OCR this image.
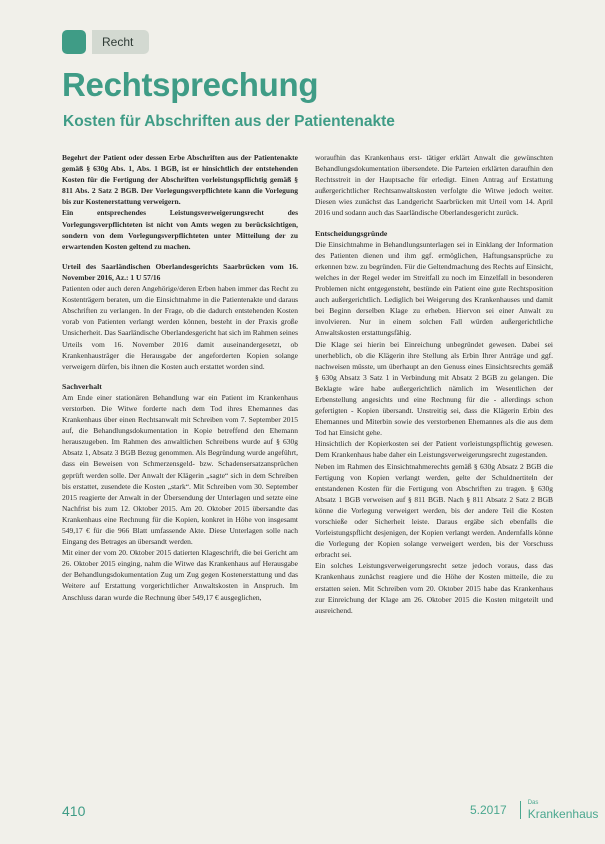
Recht
Rechtsprechung
Kosten für Abschriften aus der Patientenakte

Begehrt der Patient oder dessen Erbe Abschriften aus der Patientenakte gemäß § 630g Abs. 1, Abs. 1 BGB, ist er hinsichtlich der entstehenden Kosten für die Fertigung der Abschriften vorleistungspflichtig gemäß § 811 Abs. 2 Satz 2 BGB. Der Vorlegungsverpflichtete kann die Vorlegung bis zur Kostenerstattung verweigern.

Ein entsprechendes Leistungsverweigerungsrecht des Vorlegungsverpflichteten ist nicht von Amts wegen zu berücksichtigen, sondern von dem Vorlegungsverpflichteten unter Mitteilung der zu erwartenden Kosten geltend zu machen.

Urteil des Saarländischen Oberlandesgerichts Saarbrücken vom 16. November 2016, Az.: 1 U 57/16

Patienten oder auch deren Angehörige/deren Erben haben immer das Recht zu Kostenträgern beraten, um die Einsichtnahme in die Patientenakte und daraus Abschriften zu verlangen. In der Frage, ob die dadurch entstehenden Kosten vorab von Patienten verlangt werden können, besteht in der Praxis große Unsicherheit. Das Saarländische Oberlandesgericht hat sich im Rahmen seines Urteils vom 16. November 2016 damit auseinandergesetzt, ob Krankenhausträger die Herausgabe der angeforderten Kopien solange verweigern dürfen, bis ihnen die Kosten auch erstattet worden sind.

Sachverhalt

Am Ende einer stationären Behandlung war ein Patient im Krankenhaus verstorben. Die Witwe forderte nach dem Tod ihres Ehemannes das Krankenhaus über einen Rechtsanwalt mit Schreiben vom 7. September 2015 auf, die Behandlungsdokumentation in Kopie betreffend den Ehemann herauszugeben. Im Rahmen des anwaltlichen Schreibens wurde auf § 630g Absatz 1, Absatz 3 BGB Bezug genommen. Als Begründung wurde angeführt, dass ein Beweisen von Schmerzensgeld- bzw. Schadensersatzansprüchen geprüft werden solle. Der Anwalt der Klägerin „sagte“ sich in dem Schreiben bis erstattet, zusendete die Kosten „stark“. Mit Schreiben vom 30. September 2015 reagierte der Anwalt in der Übersendung der Unterlagen und setzte eine Nachfrist bis zum 12. Oktober 2015. Am 20. Oktober 2015 übersandte das Krankenhaus eine Rechnung für die Kopien, konkret in Höhe von insgesamt 549,17 € für die 966 Blatt umfassende Akte. Diese Unterlagen solle nach Eingang des Betrages an übersandt werden.

Mit einer der vom 20. Oktober 2015 datierten Klageschrift, die bei Gericht am 26. Oktober 2015 einging, nahm die Witwe das Krankenhaus auf Herausgabe der Behandlungsdokumentation Zug um Zug gegen Kostenerstattung und das Weitere auf Erstattung vorgerichtlicher Anwaltskosten in Anspruch. Im Anschluss daran wurde die Rechnung über 549,17 € ausgeglichen,

woraufhin das Krankenhaus erst- tätiger erklärt Anwalt die gewünschten Behandlungsdokumentation übersendete. Die Parteien erklärten daraufhin den Rechtsstreit in der Hauptsache für erledigt. Einen Antrag auf Erstattung außergerichtlicher Rechtsanwaltskosten verfolgte die Witwe jedoch weiter. Diesen wies zunächst das Landgericht Saarbrücken mit Urteil vom 14. April 2016 und sodann auch das Saarländische Oberlandesgericht zurück.

Entscheidungsgründe

Die Einsichtnahme in Behandlungsunterlagen sei in Einklang der Information des Patienten dienen und ihm ggf. ermöglichen, Haftungsansprüche zu erkennen bzw. zu begründen. Für die Geltendmachung des Rechts auf Einsicht, welches in der Regel weder im Streitfall zu noch im Einzelfall in besonderen Problemen nicht entgegensteht, bestünde ein Patient eine gute Rechtsposition auch außergerichtlich. Lediglich bei Weigerung des Krankenhauses und damit bei Beginn derselben Klage zu erheben. Hiervon sei einer Anwalt zu involvieren. Nur in einem solchen Fall würden außergerichtliche Anwaltskosten erstattungsfähig.

Die Klage sei hierin bei Einreichung unbegründet gewesen. Dabei sei unerheblich, ob die Klägerin ihre Stellung als Erbin Ihrer Anträge und ggf. nachweisen müsste, um überhaupt an den Genuss eines Einsichtsrechts gemäß § 630g Absatz 3 Satz 1 in Verbindung mit Absatz 2 BGB zu gelangen. Die Beklagte wäre habe außergerichtlich nämlich im Wesentlichen der Erbenstellung angesichts und eine Rechnung für die - allerdings schon gefertigten - Kopien übersandt. Unstreitig sei, dass die Klägerin Erbin des Ehemannes und Miterbin sowie des verstorbenen Ehemannes als die aus dem Tod hat Einsicht gehe.

Hinsichtlich der Kopierkosten sei der Patient vorleistungspflichtig gewesen. Dem Krankenhaus habe daher ein Leistungsverweigerungsrecht zugestanden.

Neben im Rahmen des Einsichtnahmerechts gemäß § 630g Absatz 2 BGB die Fertigung von Kopien verlangt werden, gelte der Schuldnertiteln der entstandenen Kosten für die Fertigung von Abschriften zu tragen. § 630g Absatz 1 BGB verweisen auf § 811 BGB. Nach § 811 Absatz 2 Satz 2 BGB könne die Vorlegung verweigert werden, bis der andere Teil die Kosten vorschieße oder Sicherheit leiste. Daraus ergäbe sich ebenfalls die Vorleistungspflicht desjenigen, der Kopien verlangt werden. Andernfalls könne die Vorlegung der Kopien solange verweigert werden, bis der Vorschuss erbracht sei.

Ein solches Leistungsverweigerungsrecht setze jedoch voraus, dass das Krankenhaus zunächst reagiere und die Höhe der Kosten mitteile, die zu erstatten seien. Mit Schreiben vom 20. Oktober 2015 habe das Krankenhaus zur Einreichung der Klage am 26. Oktober 2015 die Kosten mitgeteilt und ausreichend.

410	5.2017	Das
Krankenhaus
